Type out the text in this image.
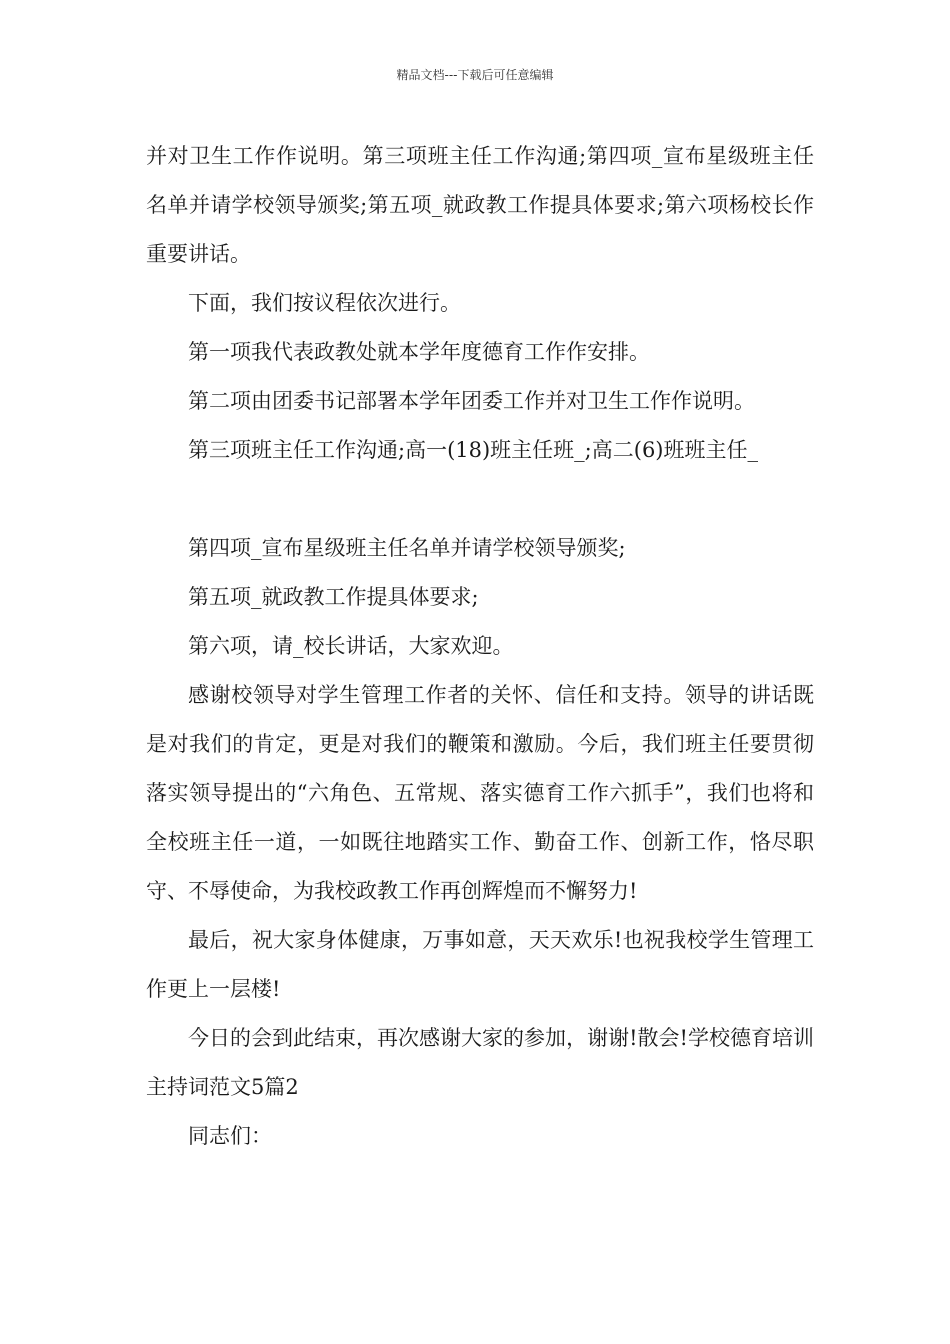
精品文档---下载后可任意编辑

并对卫生工作作说明。第三项班主任工作沟通;第四项_宣布星级班主任名单并请学校领导颁奖;第五项_就政教工作提具体要求;第六项杨校长作重要讲话。

下面，我们按议程依次进行。

第一项我代表政教处就本学年度德育工作作安排。

第二项由团委书记部署本学年团委工作并对卫生工作作说明。

第三项班主任工作沟通;高一(18)班主任班_;高二(6)班班主任_

第四项_宣布星级班主任名单并请学校领导颁奖;

第五项_就政教工作提具体要求;

第六项，请_校长讲话，大家欢迎。

感谢校领导对学生管理工作者的关怀、信任和支持。领导的讲话既是对我们的肯定，更是对我们的鞭策和激励。今后，我们班主任要贯彻落实领导提出的“六角色、五常规、落实德育工作六抓手”，我们也将和全校班主任一道，一如既往地踏实工作、勤奋工作、创新工作，恪尽职守、不辱使命，为我校政教工作再创辉煌而不懈努力!

最后，祝大家身体健康，万事如意，天天欢乐!也祝我校学生管理工作更上一层楼!

今日的会到此结束，再次感谢大家的参加，谢谢!散会!学校德育培训主持词范文5篇2

同志们：
